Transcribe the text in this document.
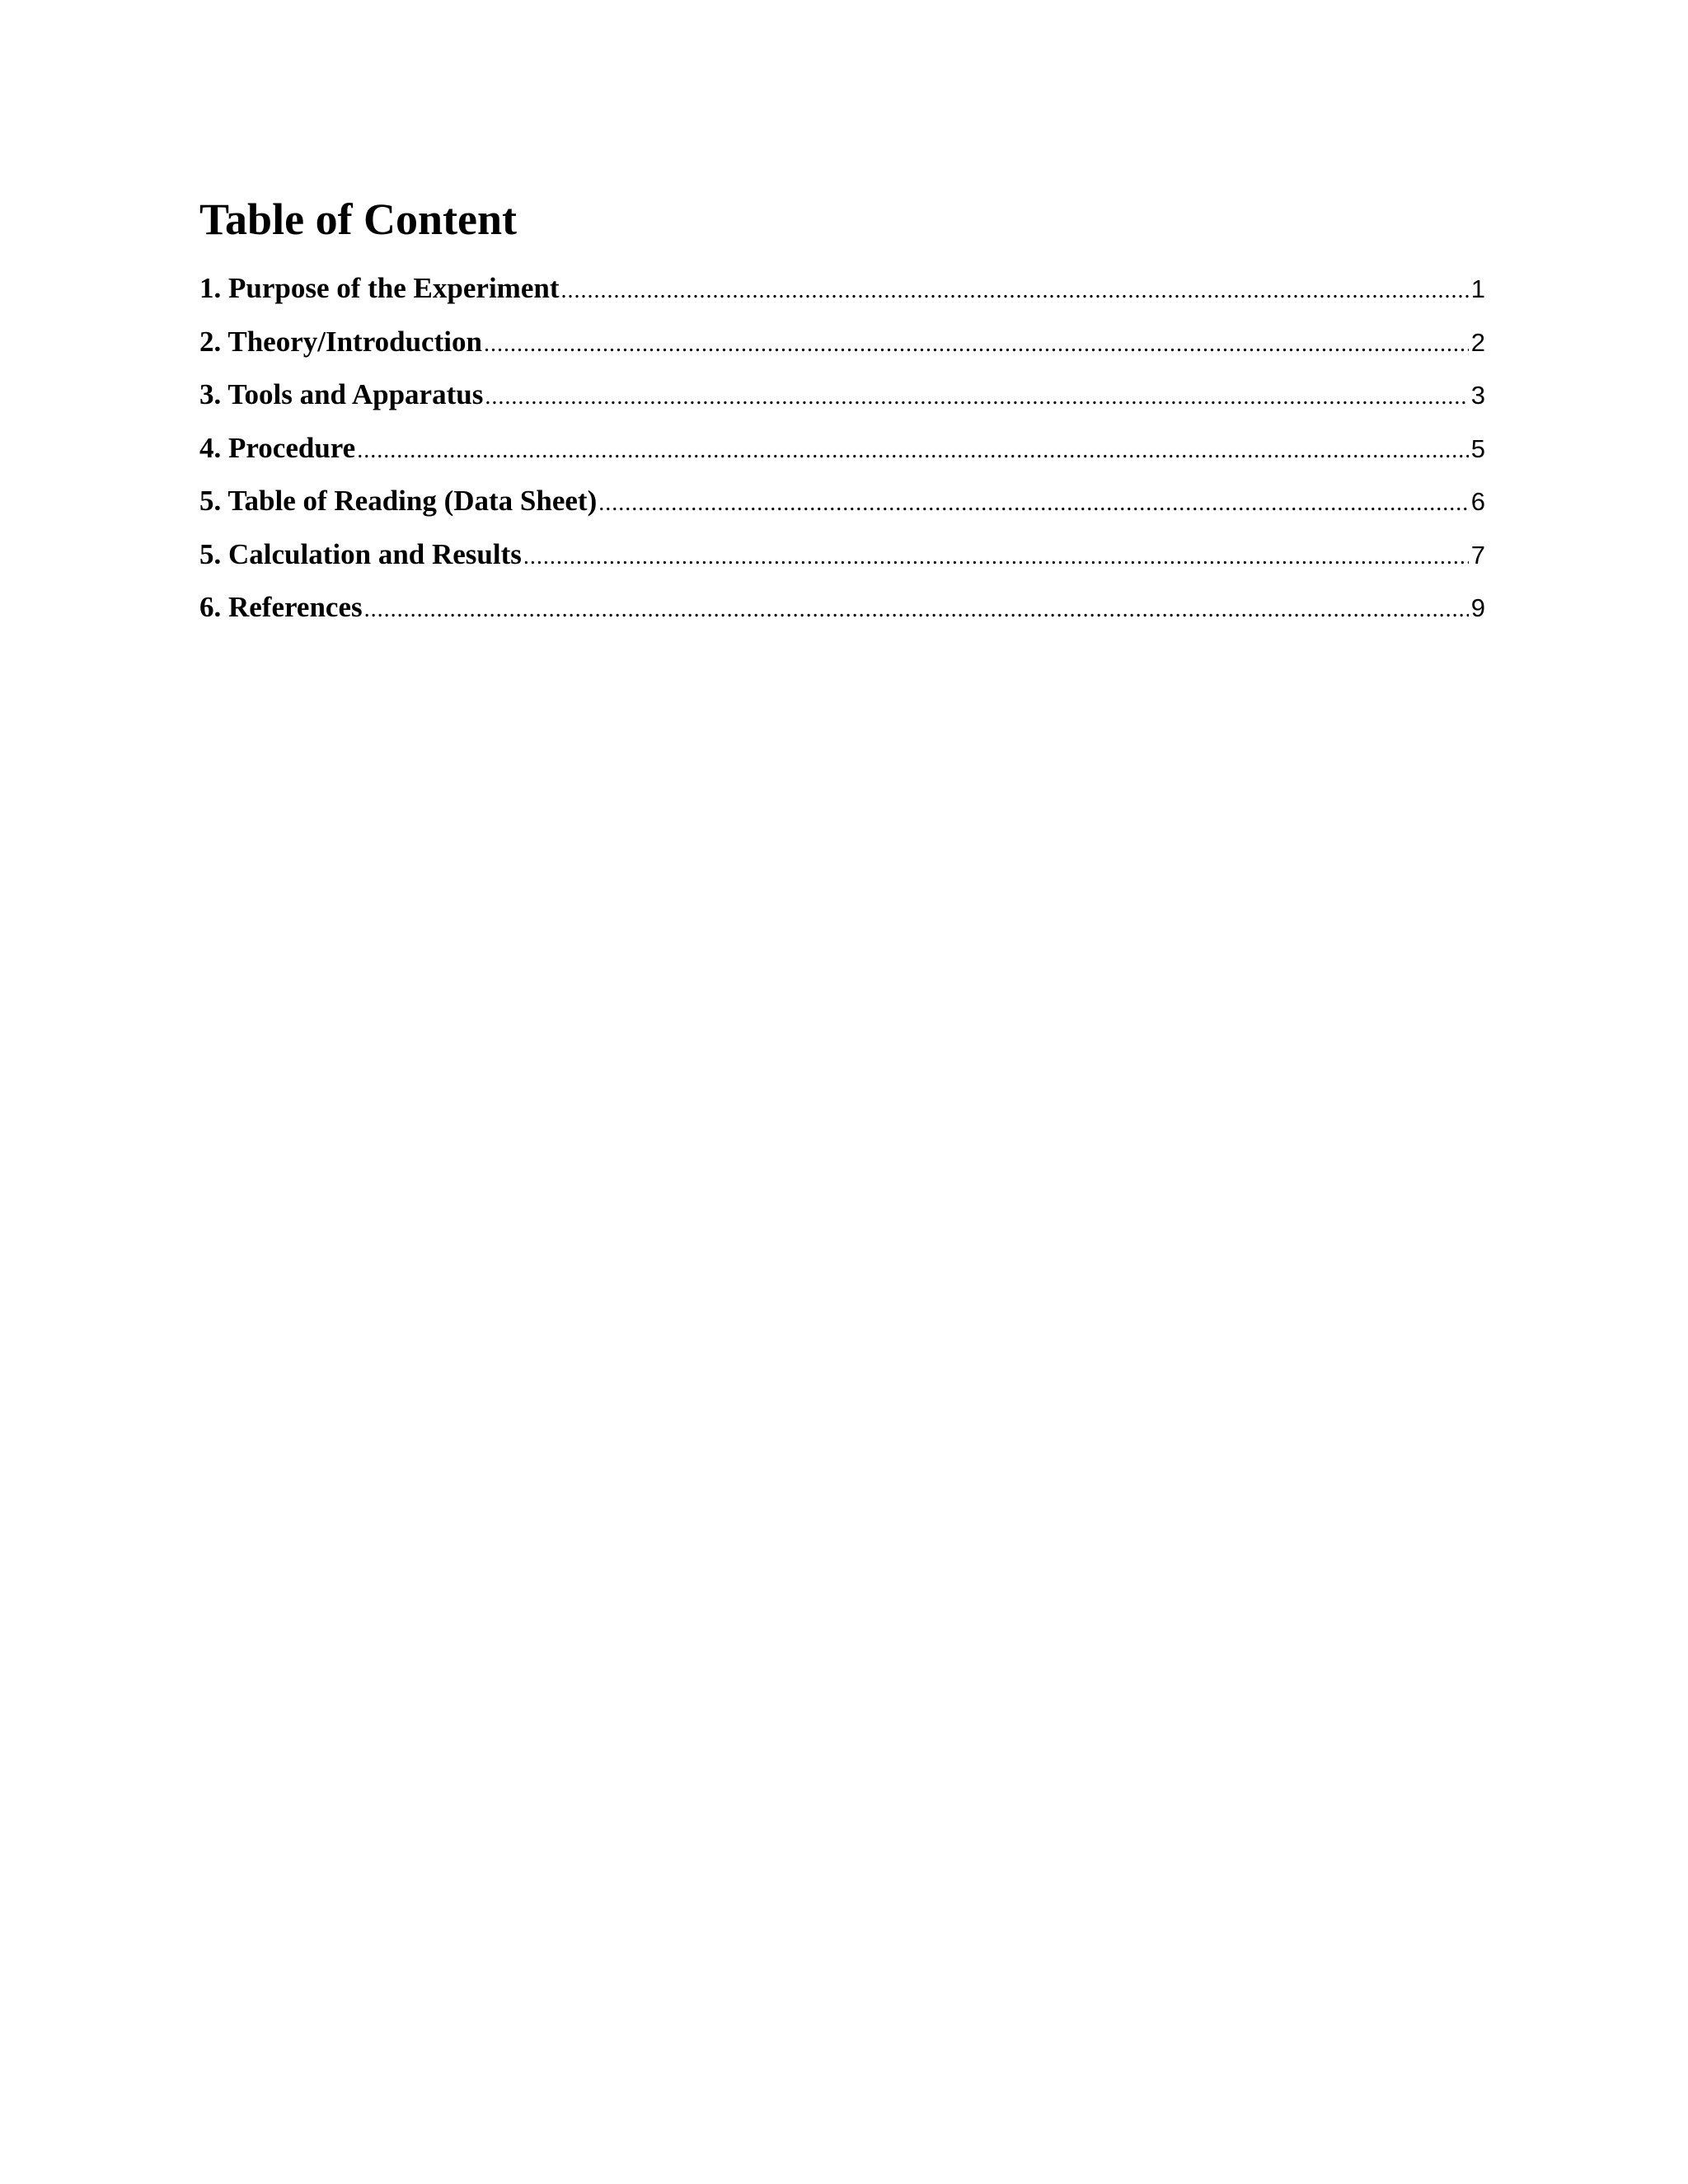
Table of Content
1. Purpose of the Experiment .....	1
2. Theory/Introduction .....	2
3. Tools and Apparatus .....	3
4. Procedure .....	5
5. Table of Reading (Data Sheet) .....	6
5. Calculation and Results .....	7
6. References .....	9
